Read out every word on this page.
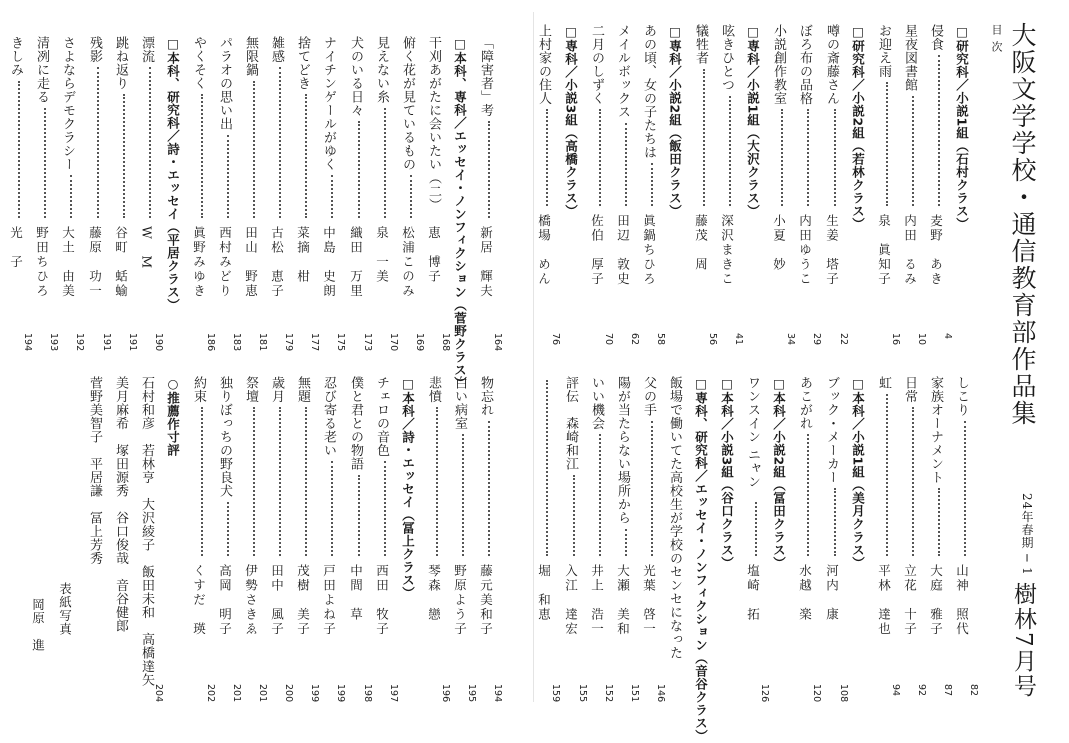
大阪文学学校・通信教育部作品集
目次
24年春期 ─ 1
樹林7月号
表紙写真
岡原　進
□研究科／小説1組（石村クラス）
侵食
麦野　あき
4
星夜図書館
内田　るみ
10
お迎え雨
泉　眞知子
16
□研究科／小説2組（若林クラス）
噂の斎藤さん
生姜　塔子
22
ぼろ布の品格
内田ゆうこ
29
小説創作教室
小夏　妙
34
□専科／小説1組（大沢クラス）
呟きひとつ
深沢まきこ
41
犠牲者
藤茂　周
56
□専科／小説2組（飯田クラス）
あの頃、女の子たちは
眞鍋ちひろ
58
メイルボックス
田辺　敦史
62
二月のしずく
佐伯　厚子
70
□専科／小説3組（高橋クラス）
上村家の住人
橋場　めん
76
しこり
山神　照代
82
家族オーナメント
大庭　雅子
87
日常
立花　十子
92
虹
平林　達也
94
□本科／小説1組（美月クラス）
ブック・メーカー
河内　康
108
あこがれ
水越　楽
120
□本科／小説2組（冨田クラス）
ワンスイン ニャン
塩崎　拓
126
□本科／小説3組（谷口クラス）
□専科、研究科／エッセイ・ノンフィクション（音谷クラス）
飯場で働いてた高校生が学校のセンセになった
父の手
光葉　啓一
146
陽が当たらない場所から
大瀬　美和
151
いい機会
井上　浩一
152
評伝　森崎和江
入江　達宏
155
堀　和恵
159
「障害者」考
新居　輝夫
164
□本科、専科／エッセイ・ノンフィクション（菅野クラス）
干刈あがたに会いたい（二）
恵　博子
168
俯く花が見ているもの
松浦このみ
169
見えない糸
泉　一美
170
犬のいる日々
織田　万里
173
ナイチンゲールがゆく
中島　史朗
175
捨てどき
菜摘　柑
177
雑感
古松　恵子
179
無限鍋
田山　野恵
181
パラオの思い出
西村みどり
183
やくそく
眞野みゆき
186
□本科、研究科／詩・エッセイ（平居クラス）
漂流
W　M
190
跳ね返り
谷町　蛞蝓
191
残影
藤原　功一
191
さよならデモクラシー
大土　由美
192
清冽に走る
野田ちひろ
193
きしみ
光　子
194
物忘れ
藤元美和子
194
白い病室
野原よう子
195
悲憤
琴森　戀
196
□本科／詩・エッセイ（冨上クラス）
チェロの音色
西田　牧子
197
僕と君との物語
中間　草
198
忍び寄る老い
戸田よね子
199
無題
茂樹　美子
199
歳月
田中　風子
200
祭壇
伊勢さきゑ
201
独りぼっちの野良犬
高岡　明子
201
約束
くすだ　瑛
202
○推薦作寸評
石村和彦　若林亨　大沢綾子　飯田未和　高橋達矢
204
美月麻希　塚田源秀　谷口俊哉　音谷健郎
菅野美智子　平居謙　冨上芳秀
